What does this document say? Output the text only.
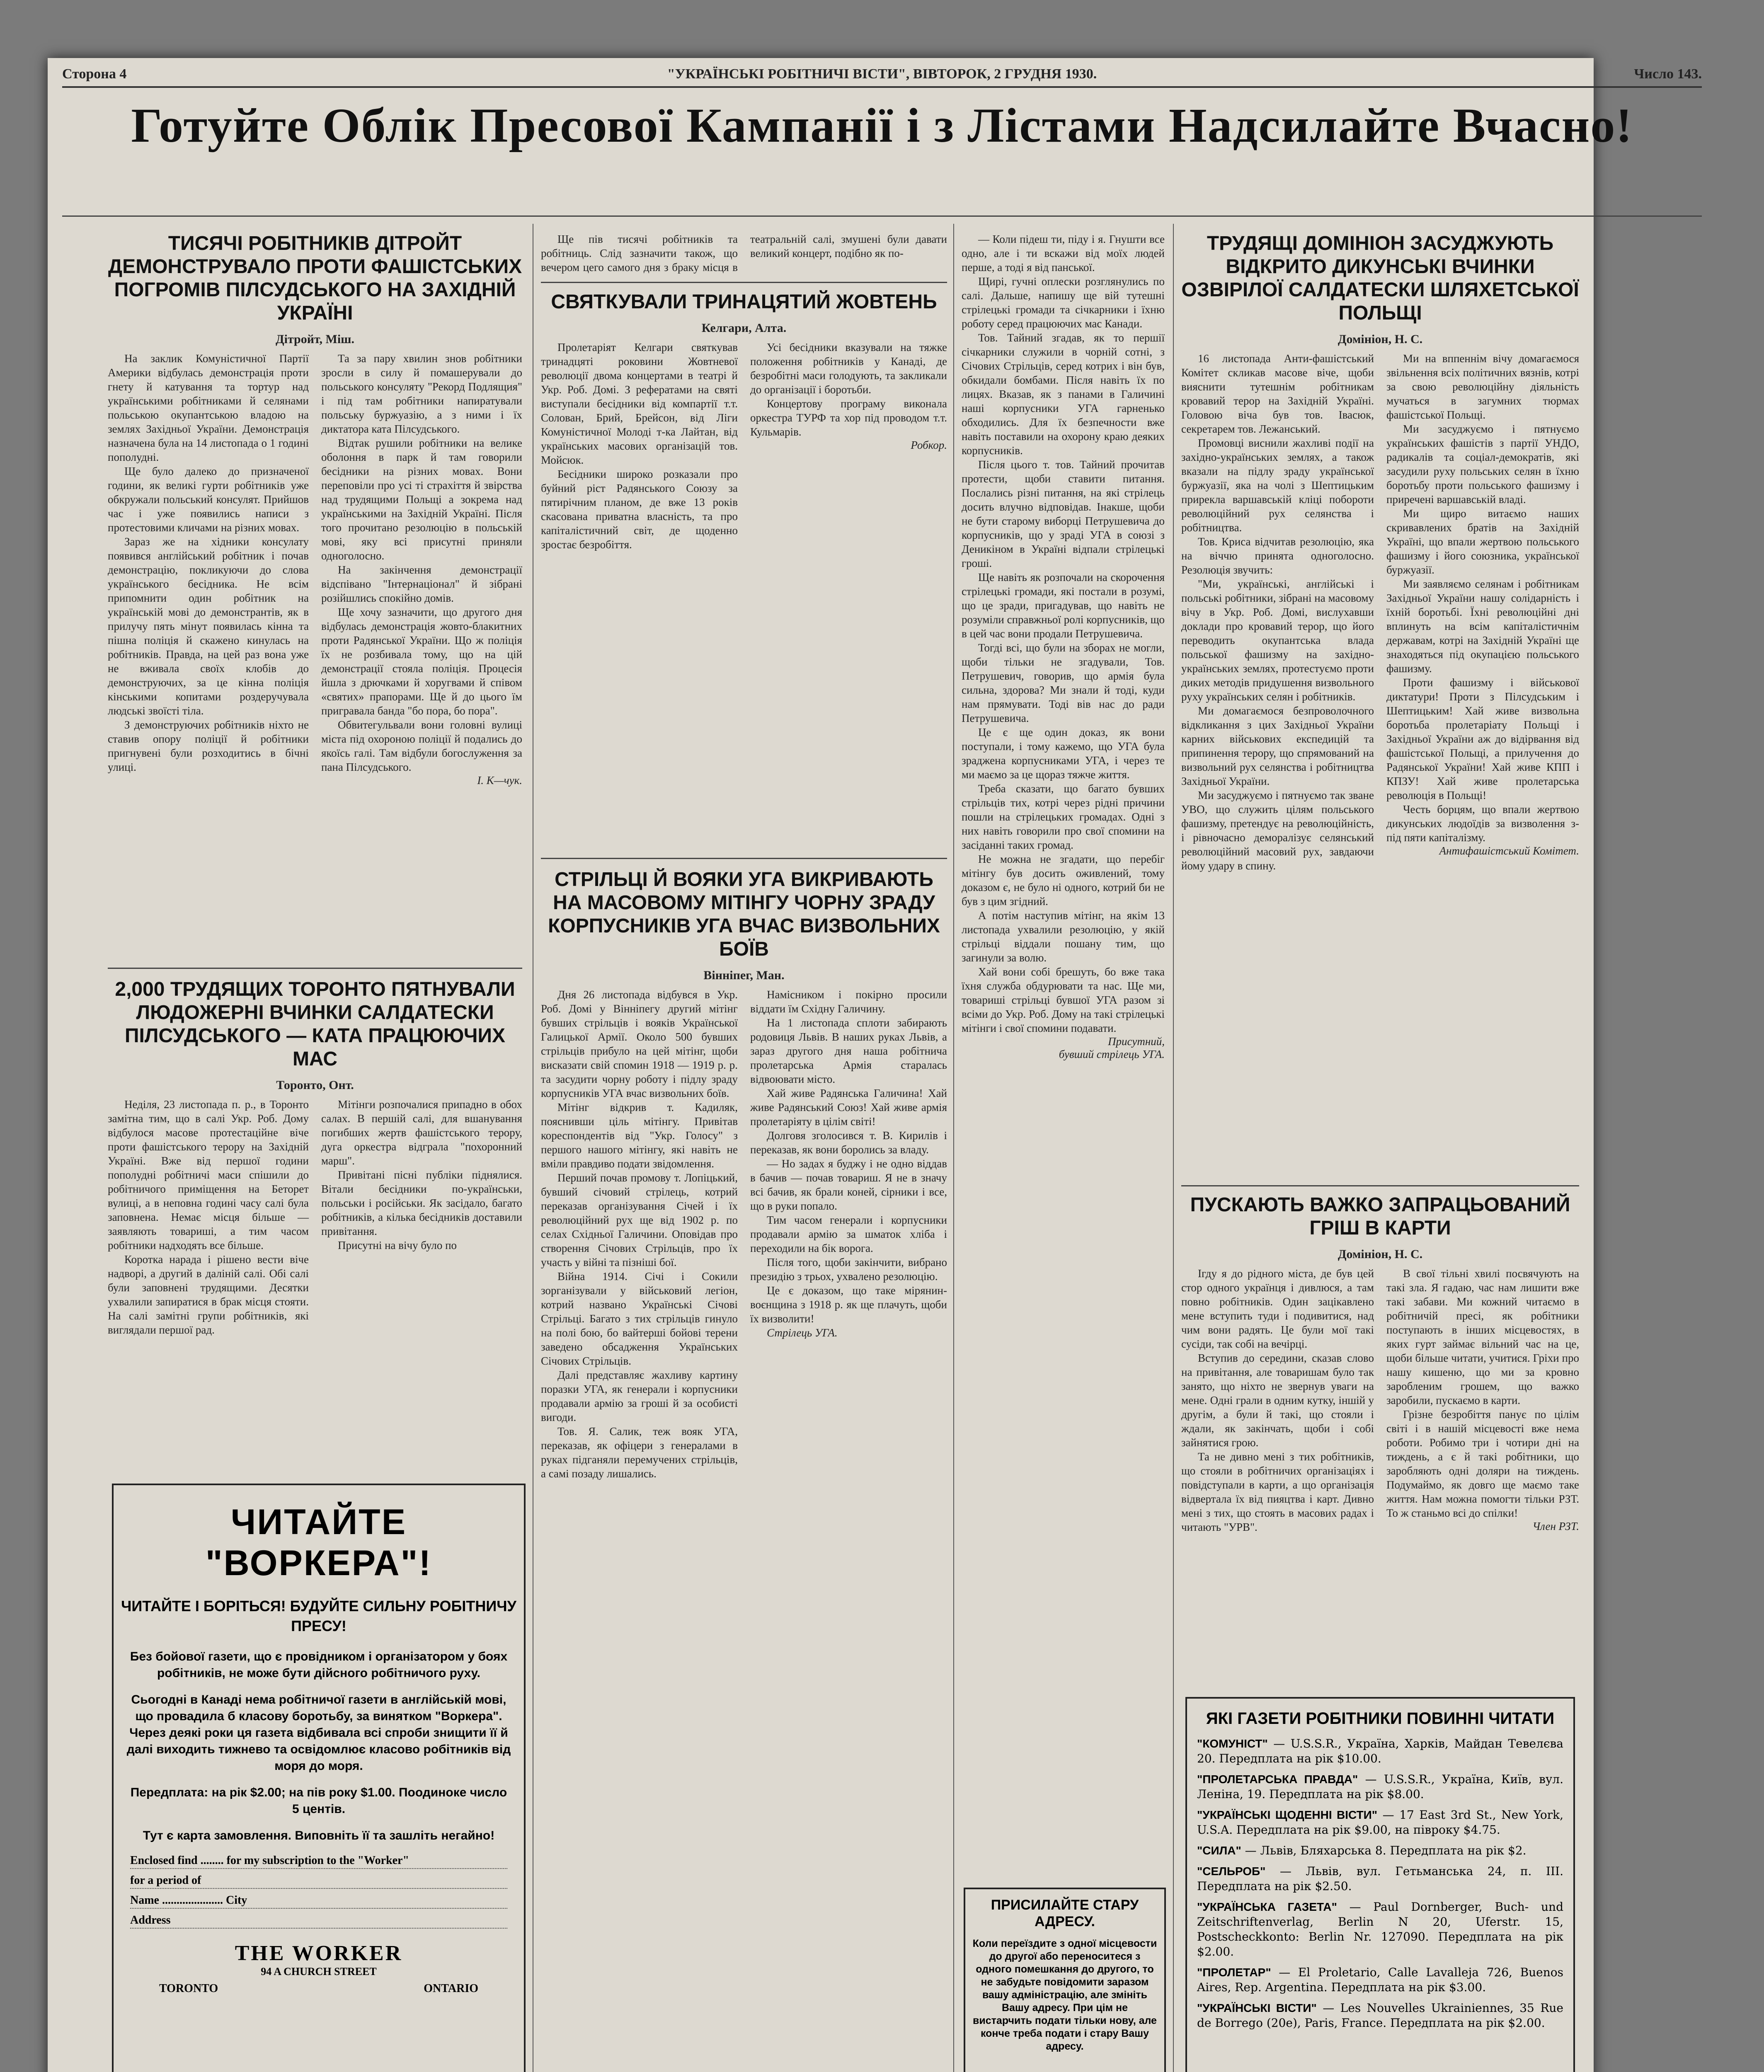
Сторона 4	"УКРАЇНСЬКІ РОБІТНИЧІ ВІСТИ", ВІВТОРОК, 2 ГРУДНЯ 1930.	Число 143.
Готуйте Облік Пресової Кампанії і з Лістами Надсилайте Вчасно!
ТИСЯЧІ РОБІТНИКІВ ДІТРОЙТ ДЕМОНСТРУВАЛО ПРОТИ ФАШІСТСЬКИХ ПОГРОМІВ ПІЛСУДСЬКОГО НА ЗАХІДНІЙ УКРАЇНІ
Дітройт, Міш.

На заклик Комуністичної Партії Америки відбулась демонстрація проти гнету й катування та тортур над українськими робітниками й селянами польською окупантською владою на землях Західньої України. Демонстрація назначена була на 14 листопада о 1 годині пополудні.

Ще було далеко до призначеної години, як великі гурти робітників уже обкружали польський консулят. Прийшов час і уже появились написи з протестовими кличами на різних мовах.

Зараз же на хідники консулату появився англійський робітник і почав демонстрацію, покликуючи до слова українського бесідника. Не всім припомнити один робітник на українській мові до демонстрантів, як в прилучу пять мінут появилась кінна та пішна поліція й скажено кинулась на робітників. Правда, на цей раз вона уже не вживала своїх клобів до демонструючих, за це кінна поліція кінськими копитами роздеручувала людські звоїсті тіла.

З демонструючих робітників ніхто не ставив опору поліції й робітники пригнувені були розходитись в бічні улиці.

Та за пару хвилин знов робітники зросли в силу й помашерували до польського консуляту "Рекорд Подлящия" і під там робітники напиратували польську буржуазію, а з ними і їх диктатора ката Пілсудського.

Відтак рушили робітники на велике оболоння в парк й там говорили бесідники на різних мовах. Вони переповіли про усі ті страхіття й звірства над трудящими Польщі а зокрема над українськими на Західній Україні. Після того прочитано резолюцію в польській мові, яку всі присутні приняли одноголосно.

На закінчення демонстрації відспівано "Інтернаціонал" й зібрані розійшлись спокійно домів.

Ще хочу зазначити, що другого дня відбулась демонстрація жовто-блакитних проти Радянської України. Що ж поліція їх не розбивала тому, що на цій демонстрації стояла поліція. Процесія йшла з дрючками й хоругвами й співом «святих» прапорами. Ще й до цього їм пригравала банда "бо пора, бо пора".

Обвитегульвали вони головні вулиці міста під охороною поліції й подались до якоїсь галі. Там відбули богослуження за пана Пілсудського.

І. К—чук.
2,000 ТРУДЯЩИХ ТОРОНТО ПЯТНУВАЛИ ЛЮДОЖЕРНІ ВЧИНКИ САЛДАТЕСКИ ПІЛСУДСЬКОГО — КАТА ПРАЦЮЮЧИХ МАС
Торонто, Онт.

Неділя, 23 листопада п. р., в Торонто замітна тим, що в салі Укр. Роб. Дому відбулося масове протестаційне віче проти фашістського терору на Західній Україні. Вже від першої години пополудні робітничі маси спішили до робітничого приміщення на Беторет вулиці, а в неповна годині часу салі була заповнена. Немає місця більше — заявляють товариші, а тим часом робітники надходять все більше.

Коротка нарада і рішено вести віче надворі, а другий в даліній салі. Обі салі були заповнені трудящими. Десятки ухвалили запиратися в брак місця стояти. На салі замітні групи робітників, які виглядали першої рад.

Мітінги розпочалися припадно в обох салах. В першій салі, для вшанування погибших жертв фашістського терору, дуга оркестра відграла "похоронний марш".

Привітані пісні публіки піднялися. Вітали бесідники по-українськи, польськи і російськи. Як засідало, багато робітників, а кілька бесідників доставили привітання.

Присутні на вічу було по

ЧИТАЙТЕ "ВОРКЕРА"!
ЧИТАЙТЕ І БОРІТЬСЯ! БУДУЙТЕ СИЛЬНУ РОБІТНИЧУ ПРЕСУ!
Без бойової газети, що є провідником і організатором у боях робітників, не може бути дійсного робітничого руху.
Сьогодні в Канаді нема робітничої газети в англійській мові, що провадила б класову боротьбу, за винятком "Воркера". Через деякі роки ця газета відбивала всі спроби знищити її й далі виходить тижнево та освідомлює класово робітників від моря до моря.
Передплата: на рік $2.00; на пів року $1.00. Поодиноке число 5 центів.
Тут є карта замовлення. Виповніть її та зашліть негайно!
Enclosed find ........ for my subscription to the "Worker"
for a period of
Name ..................... City
Address
THE WORKER
94 A CHURCH STREET
TORONTO	ONTARIO

Ще пів тисячі робітників та робітниць. Слід зазначити також, що вечером цего самого дня з браку місця в театральній салі, змушені були давати великий концерт, подібно як по-

СВЯТКУВАЛИ ТРИНАЦЯТИЙ ЖОВТЕНЬ
Келгари, Алта.

Пролетаріят Келгари святкував тринадцяті роковини Жовтневої революції двома концертами в театрі й Укр. Роб. Домі. З рефератами на святі виступали бесідники від компартії т.т. Солован, Брий, Брейсон, від Ліги Комуністичної Молоді т-ка Лайтан, від українських масових організацій тов. Мойсюк.

Бесідники широко розказали про буйний ріст Радянського Союзу за пятирічним планом, де вже 13 років скасована приватна власність, та про капіталістичний світ, де щоденно зростає безробіття.

Усі бесідники вказували на тяжке положення робітників у Канаді, де безробітні маси голодують, та закликали до організації і боротьби.

Концертову програму виконала оркестра ТУРФ та хор під проводом т.т. Кульмарів.

Робкор.
СТРІЛЬЦІ Й ВОЯКИ УГА ВИКРИВАЮТЬ НА МАСОВОМУ МІТІНГУ ЧОРНУ ЗРАДУ КОРПУСНИКІВ УГА ВЧАС ВИЗВОЛЬНИХ БОЇВ
Вінніпег, Ман.

Дня 26 листопада відбувся в Укр. Роб. Домі у Вінніпегу другий мітінг бувших стрільців і вояків Української Галицької Армії. Около 500 бувших стрільців прибуло на цей мітінг, щоби висказати свій спомин 1918 — 1919 р. р. та засудити чорну роботу і підлу зраду корпусників УГА вчас визвольних боїв.

Мітінг відкрив т. Кадиляк, пояснивши ціль мітінгу. Привітав кореспондентів від "Укр. Голосу" з першого нашого мітінгу, які навіть не вміли правдиво подати звідомлення.

Перший почав промову т. Лопіцький, бувший січовий стрілець, котрий переказав організування Січей і їх революційний рух ще від 1902 р. по селах Східньої Галичини. Оповідав про створення Січових Стрільців, про їх участь у війні та пізніші бої.

Війна 1914. Січі і Сокили зорганізували у військовий легіон, котрий названо Українські Січові Стрільці. Багато з тих стрільців гинуло на полі бою, бо вайтерші бойові терени заведено обсадження Українських Січових Стрільців.

Далі представляє жахливу картину поразки УГА, як генерали і корпусники продавали армію за гроші й за особисті вигоди.

Тов. Я. Салик, теж вояк УГА, переказав, як офіцери з генералами в руках підганяли перемучених стрільців, а самі позаду лишались.

Намісником і покірно просили віддати їм Східну Галичину.

На 1 листопада сплоти забирають родовиця Львів. В наших руках Львів, а зараз другого дня наша робітнича пролетарська Армія старалась відвоювати місто.

Хай живе Радянська Галичина! Хай живе Радянський Союз! Хай живе армія пролетаріяту в цілім світі!

Долговя зголосився т. В. Кирилів і переказав, як вони боролись за владу.

— Но задах я буджу і не одно віддав в бачив — почав товариш. Я не в значу всі бачив, як брали коней, сірники і все, що в руки попало.

Тим часом генерали і корпусники продавали армію за шматок хліба і переходили на бік ворога.

Після того, щоби закінчити, вибрано президію з трьох, ухвалено резолюцію.

Це є доказом, що таке мірянин-воєнщина з 1918 р. як ще плачуть, щоби їх визволити!

Стрілець УГА.

— Коли підеш ти, піду і я. Гнушти все одно, але і ти вскажи від моїх людей перше, а тоді я від панської.

Щирі, гучні оплески розглянулись по салі. Дальше, напишу ще вій тутешні стрілецькі громади та січкарники і їхню роботу серед працюючих мас Канади.

Тов. Тайний згадав, як то першії січкарники служили в чорній сотні, з Січових Стрільців, серед котрих і він був, обкидали бомбами. Після навіть їх по лицях. Вказав, як з панами в Галичині наші корпусники УГА гарненько обходились. Для їх безпечности вже навіть поставили на охорону краю деяких корпусників.

Після цього т. тов. Тайний прочитав протести, щоби ставити питання. Послались різні питання, на які стрілець досить влучно відповідав. Інакше, щоби не бути старому виборці Петрушевича до корпусників, що у зраді УГА в союзі з Деникіном в Україні відпали стрілецькі гроші.

Ще навіть як розпочали на скорочення стрілецькі громади, які постали в розумі, що це зради, пригадував, що навіть не розуміли справжньої ролі корпусників, що в цей час вони продали Петрушевича.

Тогді всі, що були на зборах не могли, щоби тільки не згадували, Тов. Петрушевич, говорив, що армія була сильна, здорова? Ми знали й тоді, куди нам прямувати. Тоді вів нас до ради Петрушевича.

Це є ще один доказ, як вони поступали, і тому кажемо, що УГА була зраджена корпусниками УГА, і через те ми маємо за це щораз тяжче життя.

Треба сказати, що багато бувших стрільців тих, котрі через рідні причини пошли на стрілецьких громадах. Одні з них навіть говорили про свої спомини на засіданні таких громад.

Не можна не згадати, що перебіг мітінгу був досить оживлений, тому доказом є, не було ні одного, котрий би не був з цим згідний.

А потім наступив мітінг, на якім 13 листопада ухвалили резолюцію, у якій стрільці віддали пошану тим, що загинули за волю.

Хай вони собі брешуть, бо вже така їхня служба обдурювати та нас. Ще ми, товариші стрільці бувшої УГА разом зі всіми до Укр. Роб. Дому на такі стрілецькі мітінги і свої спомини подавати.

Присутний,
бувший стрілець УГА.
ПРИСИЛАЙТЕ СТАРУ АДРЕСУ.
Коли переїздите з одної місцевости до другої або переноситеся з одного помешкання до другого, то не забудьте повідомити заразом вашу адміністрацію, але змініть Вашу адресу. При цім не вистарчить подати тільки нову, але конче треба подати і стару Вашу адресу.
ТРУДЯЩІ ДОМІНІОН ЗАСУДЖУЮТЬ ВІДКРИТО ДИКУНСЬКІ ВЧИНКИ ОЗВІРІЛОЇ САЛДАТЕСКИ ШЛЯХЕТСЬКОЇ ПОЛЬЩІ
Домініон, Н. С.

16 листопада Анти-фашістський Комітет скликав масове віче, щоби вияснити тутешнім робітникам кровавий терор на Західній Україні. Головою віча був тов. Івасюк, секретарем тов. Лежанський.

Промовці виснили жахливі події на західно-українських землях, а також вказали на підлу зраду української буржуазії, яка на чолі з Шептицьким прирекла варшавській кліці побороти революційний рух селянства і робітництва.

Тов. Криса відчитав резолюцію, яка на віччю принята одноголосно. Резолюція звучить:

"Ми, українські, англійські і польські робітники, зібрані на масовому вічу в Укр. Роб. Домі, вислухавши доклади про кровавий терор, що його переводить окупантська влада польської фашизму на західно-українських землях, протестуємо проти диких методів придушення визвольного руху українських селян і робітників.

Ми домагаємося безпроволочного відкликання з цих Західньої України карних військових експедицій та припинення терору, що спрямований на визвольний рух селянства і робітництва Західньої України.

Ми засуджуємо і пятнуємо так зване УВО, що служить цілям польського фашизму, претендує на революційність, і рівночасно деморалізує селянський революційний масовий рух, завдаючи йому удару в спину.

Ми на вппеннім вічу домагаємося звільнення всіх політичних вязнів, котрі за свою революційну діяльність мучаться в загумних тюрмах фашістської Польщі.

Ми засуджуємо і пятнуємо українських фашістів з партії УНДО, радикалів та соціал-демократів, які засудили руху польських селян в їхню боротьбу проти польського фашизму і приречені варшавській владі.

Ми щиро витаємо наших скривавлених братів на Західній Україні, що впали жертвою польського фашизму і його союзника, української буржуазії.

Ми заявляємо селянам і робітникам Західньої України нашу солідарність і їхній боротьбі. Їхні революційні дні вплинуть на всім капіталістичнім державам, котрі на Західній Україні ще знаходяться під окупацією польського фашизму.

Проти фашизму і військової диктатури! Проти з Пілсудським і Шептицьким! Хай живе визвольна боротьба пролетаріату Польщі і Західньої України аж до відірвання від фашістської Польщі, а прилучення до Радянської України! Хай живе КПП і КПЗУ! Хай живе пролетарська революція в Польщі!

Честь борцям, що впали жертвою дикунських людоїдів за визволення з-під пяти капіталізму.

Антифашістський Комітет.
ПУСКАЮТЬ ВАЖКО ЗАПРАЦЬОВАНИЙ ГРІШ В КАРТИ
Домініон, Н. С.

Ігду я до рідного міста, де був цей стор одного українця і дивлюся, а там повно робітників. Один зацікавлено мене вступить туди і подивитися, над чим вони радять. Це були мої такі сусіди, так собі на вечірці.

Вступив до середини, сказав слово на привітання, але товаришам було так занято, що ніхто не звернув уваги на мене. Одні грали в одним кутку, іншій у другім, а були й такі, що стояли і ждали, як закінчать, щоби і собі зайнятися грою.

Та не дивно мені з тих робітників, що стояли в робітничих організаціях і повідступали в карти, а що організація відвертала їх від пияцтва і карт. Дивно мені з тих, що стоять в масових радах і читають "УРВ".

В свої тільні хвилі посвячують на такі зла. Я гадаю, час нам лишити вже такі забави. Ми кожний читаємо в робітничій пресі, як робітники поступають в інших місцевостях, в яких гурт займає вільний час на це, щоби більше читати, учитися. Гріхи про нашу кишеню, що ми за кровно заробленим грошем, що важко заробили, пускаємо в карти.

Грізне безробіття панує по цілім світі і в нашій місцевості вже нема роботи. Робимо три і чотири дні на тиждень, а є й такі робітники, що заробляють одні доляри на тиждень. Подумаймо, як довго ще маємо таке життя. Нам можна помогти тільки РЗТ. То ж станьмо всі до спілки!

Член РЗТ.
ЯКІ ГАЗЕТИ РОБІТНИКИ ПОВИННІ ЧИТАТИ
"КОМУНІСТ" — U.S.S.R., Україна, Харків, Майдан Тевелєва 20. Передплата на рік $10.00.
"ПРОЛЕТАРСЬКА ПРАВДА" — U.S.S.R., Україна, Київ, вул. Леніна, 19. Передплата на рік $8.00.
"УКРАЇНСЬКІ ЩОДЕННІ ВІСТИ" — 17 East 3rd St., New York, U.S.A. Передплата на рік $9.00, на півроку $4.75.
"СИЛА" — Львів, Бляхарська 8. Передплата на рік $2.
"СЕЛЬРОБ" — Львів, вул. Гетьманська 24, п. ІІІ. Передплата на рік $2.50.
"УКРАЇНСЬКА ГАЗЕТА" — Paul Dornberger, Buch- und Zeitschriftenverlag, Berlin N 20, Uferstr. 15, Postscheckkonto: Berlin Nr. 127090. Передплата на рік $2.00.
"ПРОЛЕТАР" — El Proletario, Calle Lavalleja 726, Buenos Aires, Rep. Argentina. Передплата на рік $3.00.
"УКРАЇНСЬКІ ВІСТИ" — Les Nouvelles Ukrainiennes, 35 Rue de Borrego (20e), Paris, France. Передплата на рік $2.00.
